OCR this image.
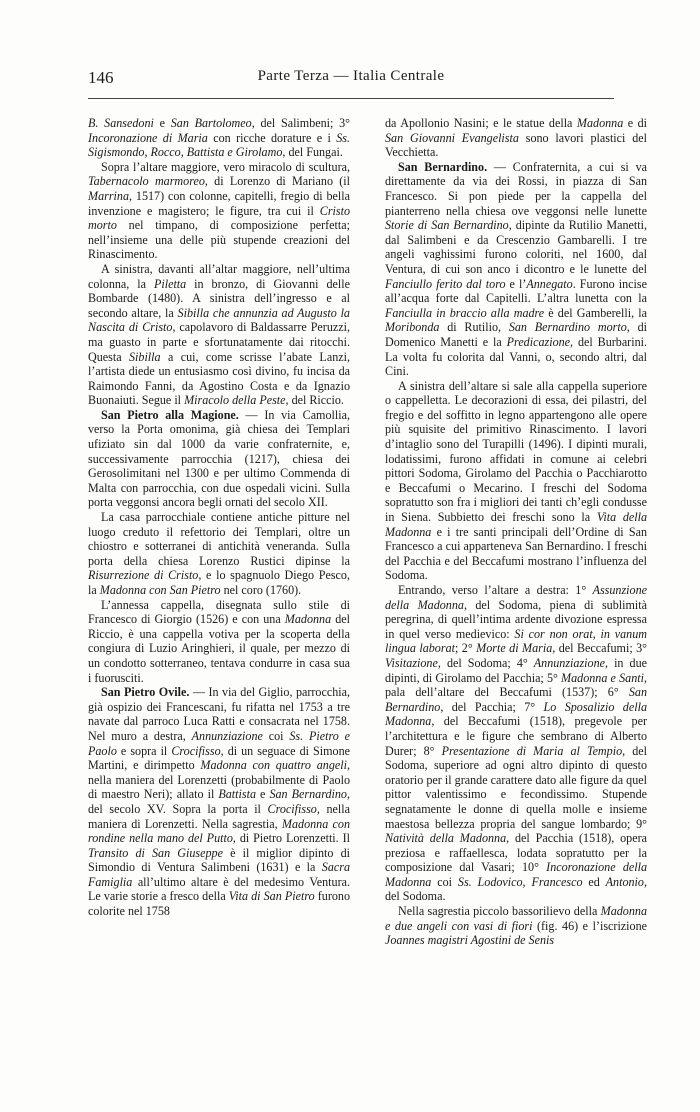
146	Parte Terza — Italia Centrale

B. Sansedoni e San Bartolomeo, del Salimbeni; 3° Incoronazione di Maria con ricche dorature e i Ss. Sigismondo, Rocco, Battista e Girolamo, del Fungai.

Sopra l’altare maggiore, vero miracolo di scultura, Tabernacolo marmoreo, di Lorenzo di Mariano (il Marrina, 1517) con colonne, capitelli, fregio di bella invenzione e magistero; le figure, tra cui il Cristo morto nel timpano, di composizione perfetta; nell’insieme una delle più stupende creazioni del Rinascimento.

A sinistra, davanti all’altar maggiore, nell’ultima colonna, la Piletta in bronzo, di Giovanni delle Bombarde (1480). A sinistra dell’ingresso e al secondo altare, la Sibilla che annunzia ad Augusto la Nascita di Cristo, capolavoro di Baldassarre Peruzzi, ma guasto in parte e sfortunatamente dai ritocchi. Questa Sibilla a cui, come scrisse l’abate Lanzi, l’artista diede un entusiasmo così divino, fu incisa da Raimondo Fanni, da Agostino Costa e da Ignazio Buonaiuti. Segue il Miracolo della Peste, del Riccio.

San Pietro alla Magione. — In via Camollia, verso la Porta omonima, già chiesa dei Templari ufiziato sin dal 1000 da varie confraternite, e, successivamente parrocchia (1217), chiesa dei Gerosolimitani nel 1300 e per ultimo Commenda di Malta con parrocchia, con due ospedali vicini. Sulla porta veggonsi ancora begli ornati del secolo XII.

La casa parrocchiale contiene antiche pitture nel luogo creduto il refettorio dei Templari, oltre un chiostro e sotterranei di antichità veneranda. Sulla porta della chiesa Lorenzo Rustici dipinse la Risurrezione di Cristo, e lo spagnuolo Diego Pesco, la Madonna con San Pietro nel coro (1760).

L’annessa cappella, disegnata sullo stile di Francesco di Giorgio (1526) e con una Madonna del Riccio, è una cappella votiva per la scoperta della congiura di Luzio Aringhieri, il quale, per mezzo di un condotto sotterraneo, tentava condurre in casa sua i fuorusciti.

San Pietro Ovile. — In via del Giglio, parrocchia, già ospizio dei Francescani, fu rifatta nel 1753 a tre navate dal parroco Luca Ratti e consacrata nel 1758. Nel muro a destra, Annunziazione coi Ss. Pietro e Paolo e sopra il Crocifisso, di un seguace di Simone Martini, e dirimpetto Madonna con quattro angeli, nella maniera del Lorenzetti (probabilmente di Paolo di maestro Neri); allato il Battista e San Bernardino, del secolo XV. Sopra la porta il Crocifisso, nella maniera di Lorenzetti. Nella sagrestia, Madonna con rondine nella mano del Putto, di Pietro Lorenzetti. Il Transito di San Giuseppe è il miglior dipinto di Simondio di Ventura Salimbeni (1631) e la Sacra Famiglia all’ultimo altare è del medesimo Ventura. Le varie storie a fresco della Vita di San Pietro furono colorite nel 1758

da Apollonio Nasini; e le statue della Madonna e di San Giovanni Evangelista sono lavori plastici del Vecchietta.

San Bernardino. — Confraternita, a cui si va direttamente da via dei Rossi, in piazza di San Francesco. Si pon piede per la cappella del pianterreno nella chiesa ove veggonsi nelle lunette Storie di San Bernardino, dipinte da Rutilio Manetti, dal Salimbeni e da Crescenzio Gambarelli. I tre angeli vaghissimi furono coloriti, nel 1600, dal Ventura, di cui son anco i dicontro e le lunette del Fanciullo ferito dal toro e l’Annegato. Furono incise all’acqua forte dal Capitelli. L’altra lunetta con la Fanciulla in braccio alla madre è del Gamberelli, la Moribonda di Rutilio, San Bernardino morto, di Domenico Manetti e la Predicazione, del Burbarini. La volta fu colorita dal Vanni, o, secondo altri, dal Cini.

A sinistra dell’altare si sale alla cappella superiore o cappelletta. Le decorazioni di essa, dei pilastri, del fregio e del soffitto in legno appartengono alle opere più squisite del primitivo Rinascimento. I lavori d’intaglio sono del Turapilli (1496). I dipinti murali, lodatissimi, furono affidati in comune ai celebri pittori Sodoma, Girolamo del Pacchia o Pacchiarotto e Beccafumi o Mecarino. I freschi del Sodoma sopratutto son fra i migliori dei tanti ch’egli condusse in Siena. Subbietto dei freschi sono la Vita della Madonna e i tre santi principali dell’Ordine di San Francesco a cui apparteneva San Bernardino. I freschi del Pacchia e del Beccafumi mostrano l’influenza del Sodoma.

Entrando, verso l’altare a destra: 1° Assunzione della Madonna, del Sodoma, piena di sublimità peregrina, di quell’intima ardente divozione espressa in quel verso medievico: Si cor non orat, in vanum lingua laborat; 2° Morte di Maria, del Beccafumi; 3° Visitazione, del Sodoma; 4° Annunziazione, in due dipinti, di Girolamo del Pacchia; 5° Madonna e Santi, pala dell’altare del Beccafumi (1537); 6° San Bernardino, del Pacchia; 7° Lo Sposalizio della Madonna, del Beccafumi (1518), pregevole per l’architettura e le figure che sembrano di Alberto Durer; 8° Presentazione di Maria al Tempio, del Sodoma, superiore ad ogni altro dipinto di questo oratorio per il grande carattere dato alle figure da quel pittor valentissimo e fecondissimo. Stupende segnatamente le donne di quella molle e insieme maestosa bellezza propria del sangue lombardo; 9° Natività della Madonna, del Pacchia (1518), opera preziosa e raffaellesca, lodata sopratutto per la composizione dal Vasari; 10° Incoronazione della Madonna coi Ss. Lodovico, Francesco ed Antonio, del Sodoma.

Nella sagrestia piccolo bassorilievo della Madonna e due angeli con vasi di fiori (fig. 46) e l’iscrizione Joannes magistri Agostini de Senis
